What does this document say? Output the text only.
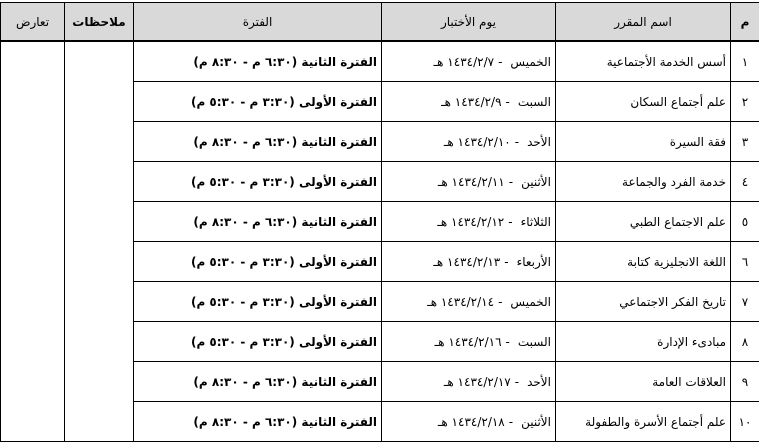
م	اسم المقرر	يوم الأختبار	الفترة	ملاحظات	تعارض
١	أسس الخدمة الأجتماعية	الخميس-١٤٣٤/٢/٧ هـ	الفترة الثانية (٦:٣٠ م - ٨:٣٠ م)		
٢	علم أجتماع السكان	السبت-١٤٣٤/٢/٩ هـ	الفترة الأولى (٣:٣٠ م - ٥:٣٠ م)		
٣	فقة السيرة	الأحد-١٤٣٤/٢/١٠ هـ	الفترة الثانية (٦:٣٠ م - ٨:٣٠ م)		
٤	خدمة الفرد والجماعة	الأثنين-١٤٣٤/٢/١١ هـ	الفترة الأولى (٣:٣٠ م - ٥:٣٠ م)		
٥	علم الاجتماع الطبي	الثلاثاء-١٤٣٤/٢/١٢ هـ	الفترة الثانية (٦:٣٠ م - ٨:٣٠ م)		
٦	اللغة الانجليزية كتابة	الأربعاء-١٤٣٤/٢/١٣ هـ	الفترة الأولى (٣:٣٠ م - ٥:٣٠ م)		
٧	تاريخ الفكر الاجتماعي	الخميس-١٤٣٤/٢/١٤ هـ	الفترة الأولى (٣:٣٠ م - ٥:٣٠ م)		
٨	مبادىء الإدارة	السبت-١٤٣٤/٢/١٦ هـ	الفترة الأولى (٣:٣٠ م - ٥:٣٠ م)		
٩	العلاقات العامة	الأحد-١٤٣٤/٢/١٧ هـ	الفترة الثانية (٦:٣٠ م - ٨:٣٠ م)		
١٠	علم أجتماع الأسرة والطفولة	الأثنين-١٤٣٤/٢/١٨ هـ	الفترة الثانية (٦:٣٠ م - ٨:٣٠ م)		
